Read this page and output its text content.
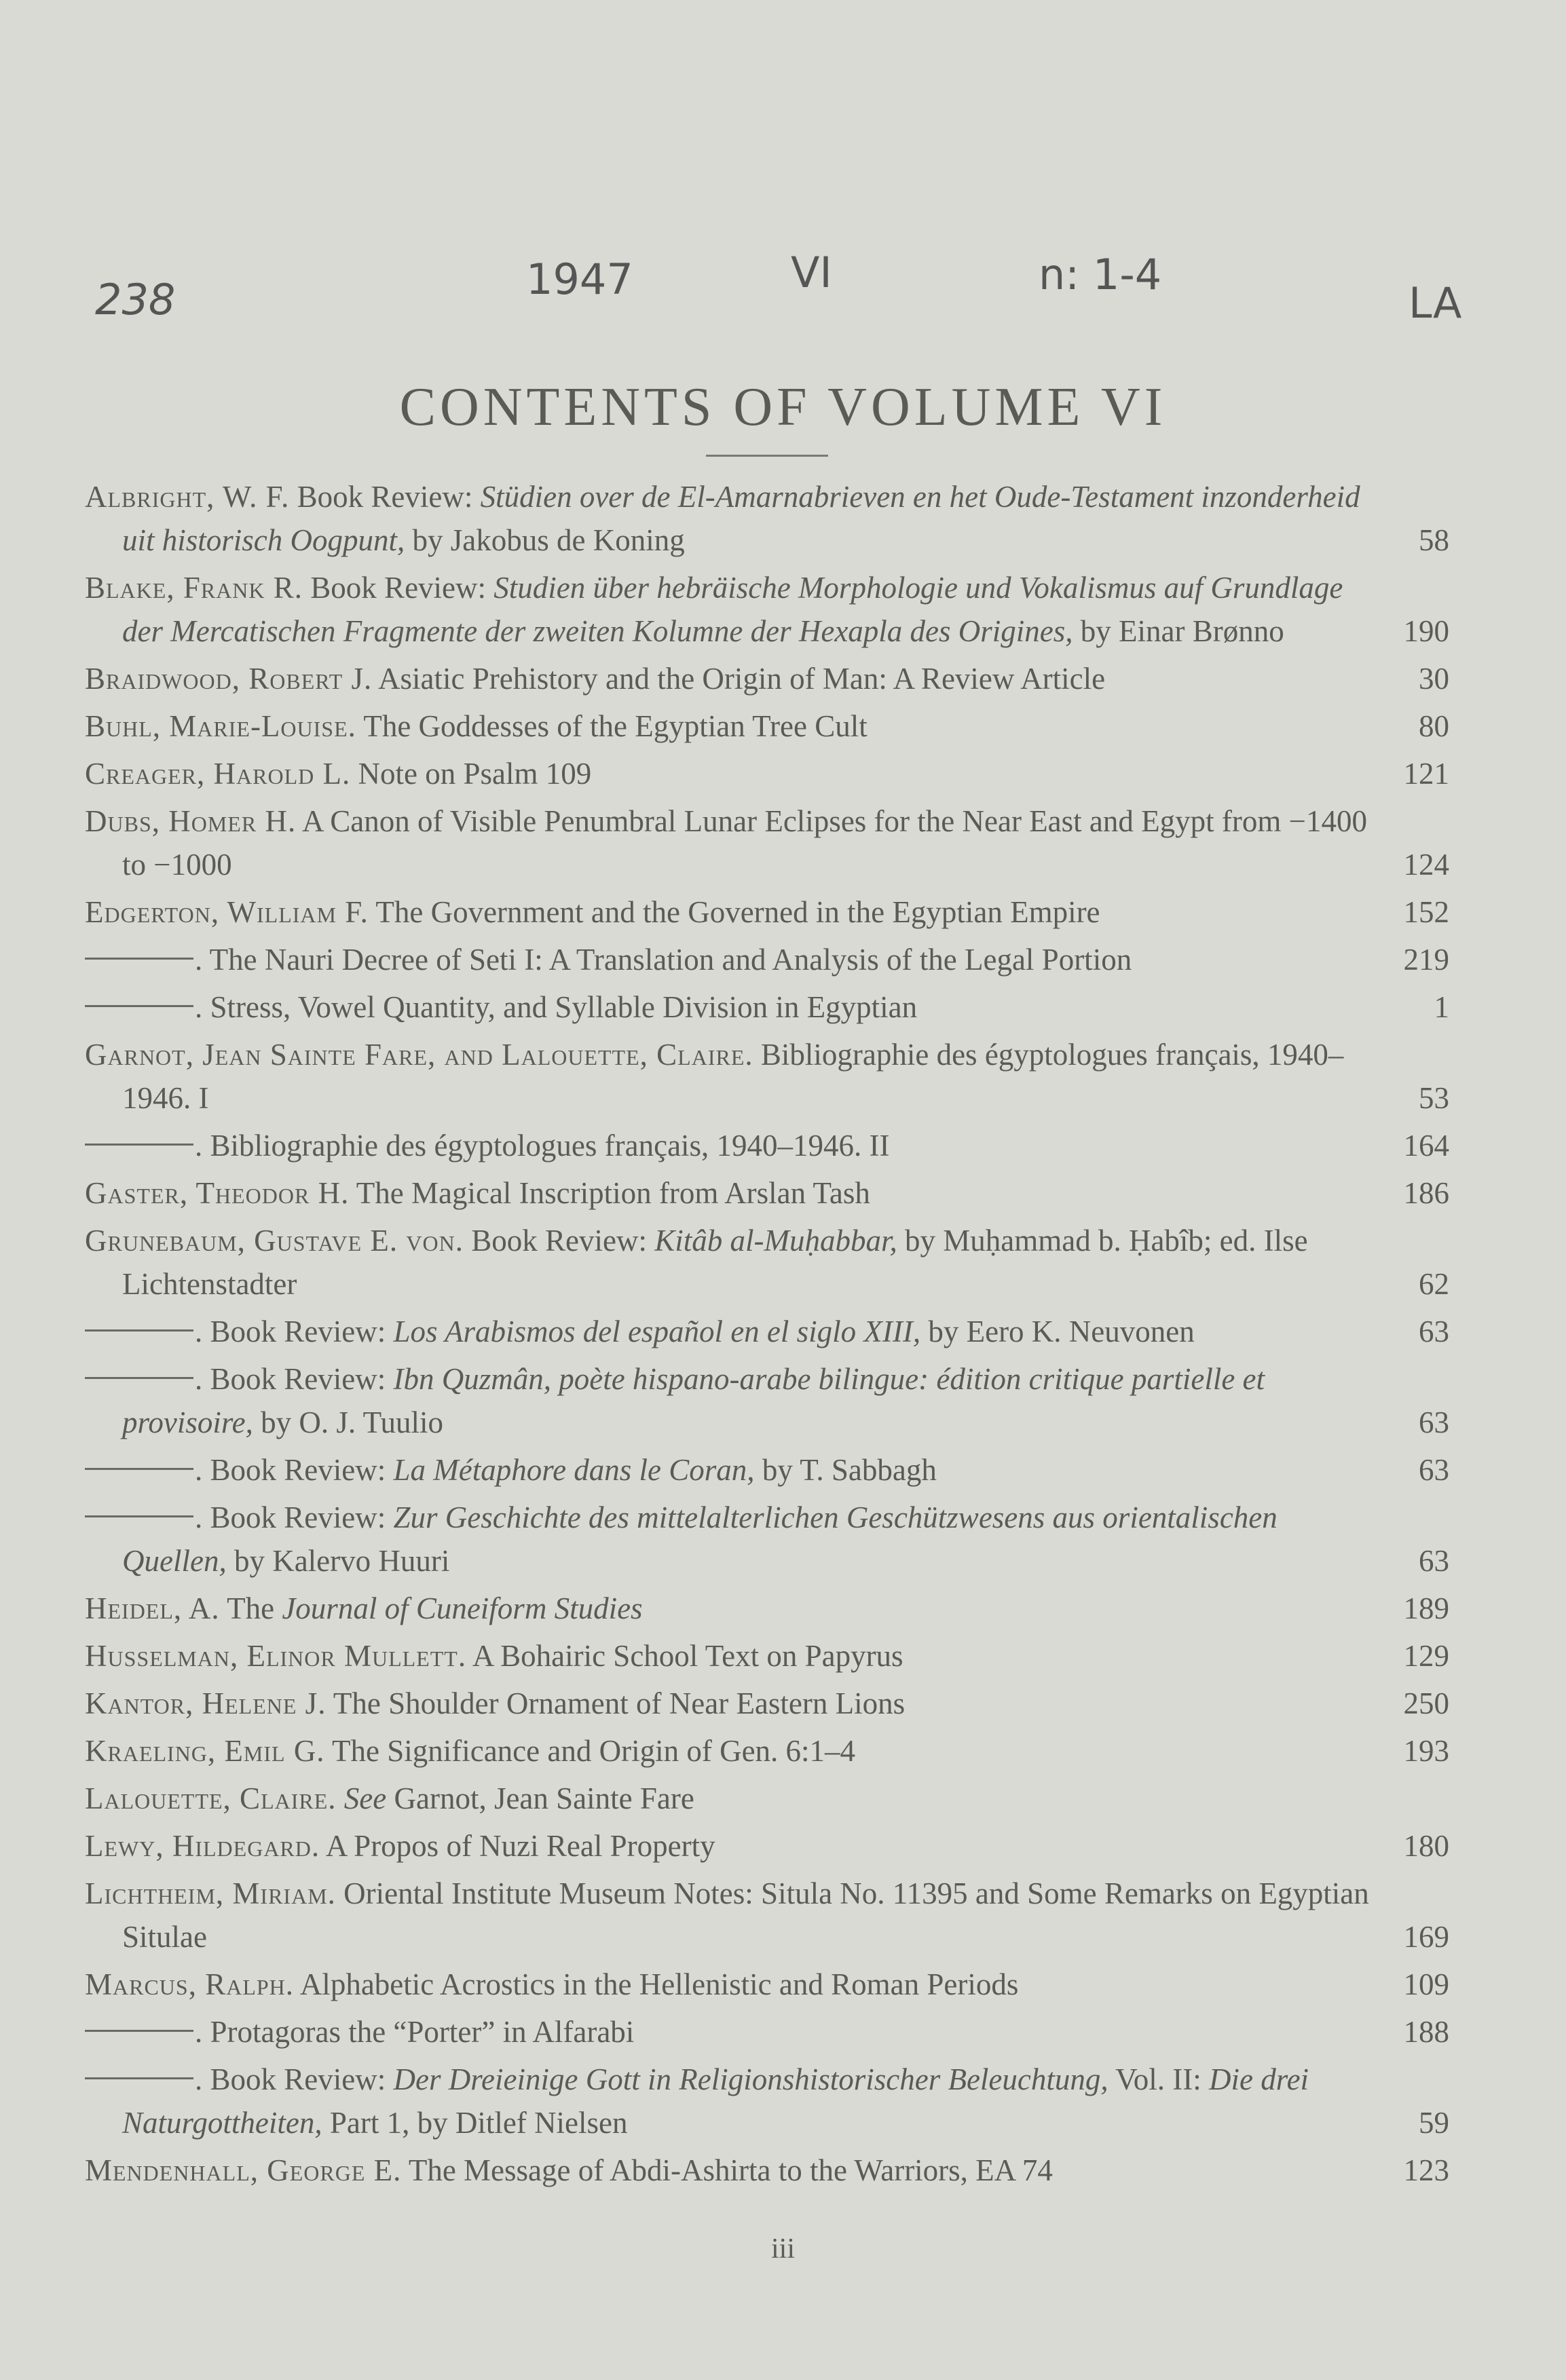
238	1947	VI	n: 1-4
LA
CONTENTS OF VOLUME VI
Albright, W. F. Book Review: Stüdien over de El-Amarnabrieven en het Oude-Testament inzonderheid uit historisch Oogpunt, by Jakobus de Koning	58
Blake, Frank R. Book Review: Studien über hebräische Morphologie und Vokalismus auf Grundlage der Mercatischen Fragmente der zweiten Kolumne der Hexapla des Origines, by Einar Brønno	190
Braidwood, Robert J. Asiatic Prehistory and the Origin of Man: A Review Article	30
Buhl, Marie-Louise. The Goddesses of the Egyptian Tree Cult	80
Creager, Harold L. Note on Psalm 109	121
Dubs, Homer H. A Canon of Visible Penumbral Lunar Eclipses for the Near East and Egypt from −1400 to −1000	124
Edgerton, William F. The Government and the Governed in the Egyptian Empire	152
. The Nauri Decree of Seti I: A Translation and Analysis of the Legal Portion	219
. Stress, Vowel Quantity, and Syllable Division in Egyptian	1
Garnot, Jean Sainte Fare, and Lalouette, Claire. Bibliographie des égyptologues français, 1940–1946. I	53
. Bibliographie des égyptologues français, 1940–1946. II	164
Gaster, Theodor H. The Magical Inscription from Arslan Tash	186
Grunebaum, Gustave E. von. Book Review: Kitâb al-Muḥabbar, by Muḥammad b. Ḥabîb; ed. Ilse Lichtenstadter	62
. Book Review: Los Arabismos del español en el siglo XIII, by Eero K. Neuvonen	63
. Book Review: Ibn Quzmân, poète hispano-arabe bilingue: édition critique partielle et provisoire, by O. J. Tuulio	63
. Book Review: La Métaphore dans le Coran, by T. Sabbagh	63
. Book Review: Zur Geschichte des mittelalterlichen Geschützwesens aus orientalischen Quellen, by Kalervo Huuri	63
Heidel, A. The Journal of Cuneiform Studies	189
Husselman, Elinor Mullett. A Bohairic School Text on Papyrus	129
Kantor, Helene J. The Shoulder Ornament of Near Eastern Lions	250
Kraeling, Emil G. The Significance and Origin of Gen. 6:1–4	193
Lalouette, Claire. See Garnot, Jean Sainte Fare
Lewy, Hildegard. A Propos of Nuzi Real Property	180
Lichtheim, Miriam. Oriental Institute Museum Notes: Situla No. 11395 and Some Remarks on Egyptian Situlae	169
Marcus, Ralph. Alphabetic Acrostics in the Hellenistic and Roman Periods	109
. Protagoras the “Porter” in Alfarabi	188
. Book Review: Der Dreieinige Gott in Religionshistorischer Beleuchtung, Vol. II: Die drei Naturgottheiten, Part 1, by Ditlef Nielsen	59
Mendenhall, George E. The Message of Abdi-Ashirta to the Warriors, EA 74	123
iii
